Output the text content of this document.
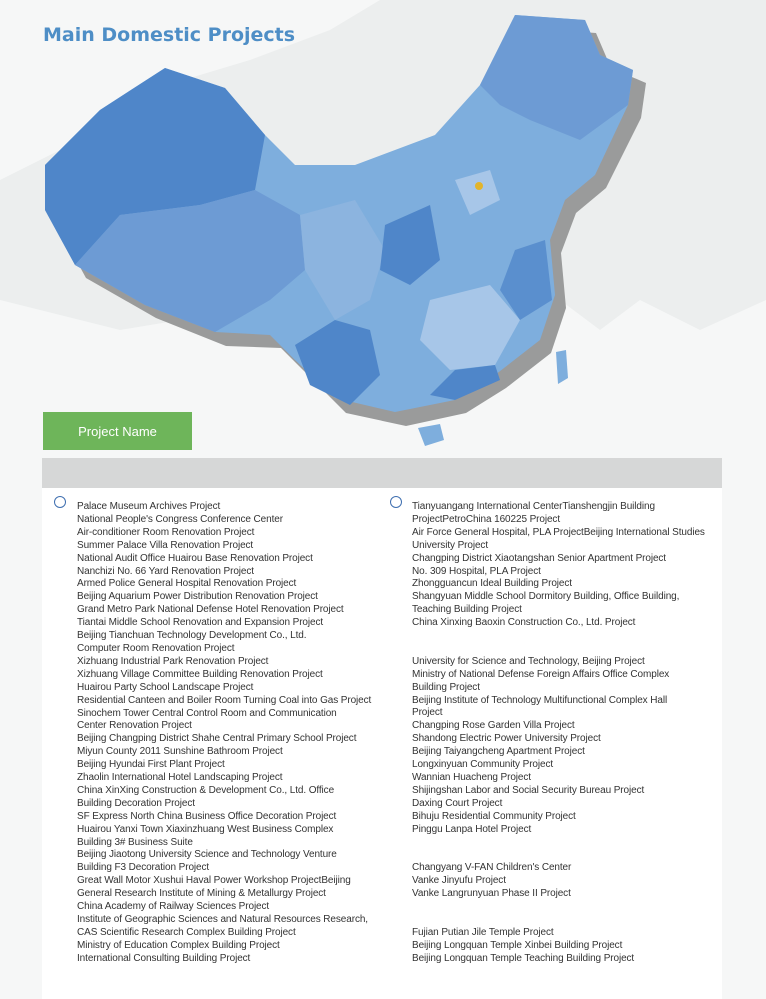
Main Domestic Projects
Project Name
Palace Museum Archives Project
National People's Congress Conference Center
Air-conditioner Room Renovation Project
Summer Palace Villa Renovation Project
National Audit Office Huairou Base Renovation Project
Nanchizi No. 66 Yard Renovation Project
Armed Police General Hospital Renovation Project
Beijing Aquarium Power Distribution Renovation Project
Grand Metro Park National Defense Hotel Renovation Project
Tiantai Middle School Renovation and Expansion Project
Beijing Tianchuan Technology Development Co., Ltd.
Computer Room Renovation Project
Xizhuang Industrial Park Renovation Project
Xizhuang Village Committee Building Renovation Project
Huairou Party School Landscape Project
Residential Canteen and Boiler Room Turning Coal into Gas Project
Sinochem Tower Central Control Room and Communication
Center Renovation Project
Beijing Changping District Shahe Central Primary School Project
Miyun County 2011 Sunshine Bathroom Project
Beijing Hyundai First Plant Project
Zhaolin International Hotel Landscaping Project
China XinXing Construction & Development Co., Ltd. Office
Building Decoration Project
SF Express North China Business Office Decoration Project
Huairou Yanxi Town Xiaxinzhuang West Business Complex
Building 3# Business Suite
Beijing Jiaotong University Science and Technology Venture
Building F3 Decoration Project
Great Wall Motor Xushui Haval Power Workshop ProjectBeijing
General Research Institute of Mining & Metallurgy Project
China Academy of Railway Sciences Project
Institute of Geographic Sciences and Natural Resources Research,
CAS Scientific Research Complex Building Project
Ministry of Education Complex Building Project
International Consulting Building Project
Tianyuangang International CenterTianshengjin Building
ProjectPetroChina 160225 Project
Air Force General Hospital, PLA ProjectBeijing International Studies
University Project
Changping District Xiaotangshan Senior Apartment Project
No. 309 Hospital, PLA Project
Zhongguancun Ideal Building Project
Shangyuan Middle School Dormitory Building, Office Building,
Teaching Building Project
China Xinxing Baoxin Construction Co., Ltd. Project
University for Science and Technology, Beijing Project
Ministry of National Defense Foreign Affairs Office Complex
Building Project
Beijing Institute of Technology Multifunctional Complex Hall
Project
Changping Rose Garden Villa Project
Shandong Electric Power University Project
Beijing Taiyangcheng Apartment Project
Longxinyuan Community Project
Wannian Huacheng Project
Shijingshan Labor and Social Security Bureau Project
Daxing Court Project
Bihuju Residential Community Project
Pinggu Lanpa Hotel Project
Changyang V-FAN Children's Center
Vanke Jinyufu Project
Vanke Langrunyuan Phase II Project
Fujian Putian Jile Temple Project
Beijing Longquan Temple Xinbei Building Project
Beijing Longquan Temple Teaching Building Project
